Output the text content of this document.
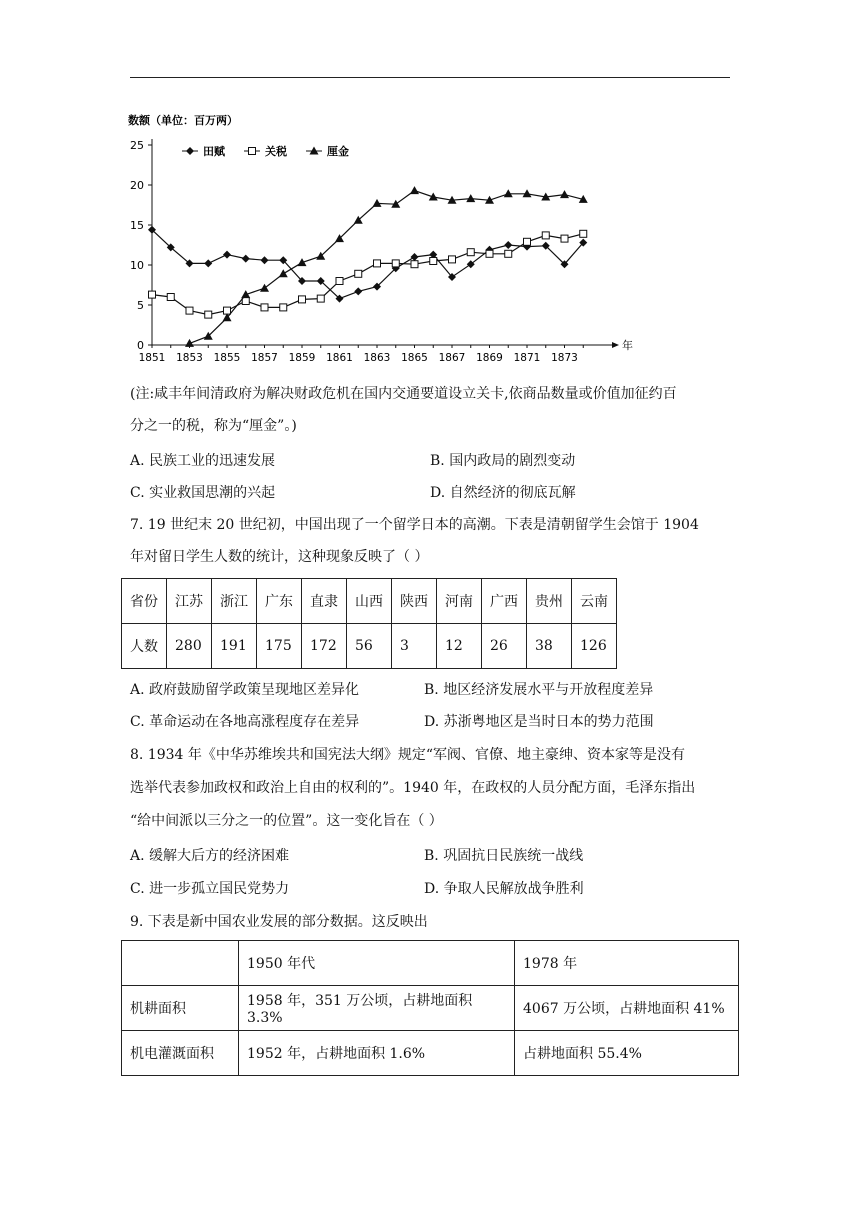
数额（单位：百万两）
年
0
5
10
15
20
25
1851 1853 1855 1857 1859 1861 1863 1865 1867 1869 1871 1873
田赋	关税	厘金
(注:咸丰年间清政府为解决财政危机在国内交通要道设立关卡,依商品数量或价值加征约百
分之一的税，称为“厘金”。)
A. 民族工业的迅速发展	B. 国内政局的剧烈变动
C. 实业救国思潮的兴起	D. 自然经济的彻底瓦解
7. 19 世纪末 20 世纪初，中国出现了一个留学日本的高潮。下表是清朝留学生会馆于 1904
年对留日学生人数的统计，这种现象反映了（ ）
省份	江苏	浙江	广东	直隶	山西	陕西	河南	广西	贵州	云南
人数	280	191	175	172	56	3	12	26	38	126
A. 政府鼓励留学政策呈现地区差异化	B. 地区经济发展水平与开放程度差异
C. 革命运动在各地高涨程度存在差异	D. 苏浙粤地区是当时日本的势力范围
8. 1934 年《中华苏维埃共和国宪法大纲》规定“军阀、官僚、地主豪绅、资本家等是没有
选举代表参加政权和政治上自由的权利的”。1940 年，在政权的人员分配方面，毛泽东指出
“给中间派以三分之一的位置”。这一变化旨在（ ）
A. 缓解大后方的经济困难	B. 巩固抗日民族统一战线
C. 进一步孤立国民党势力	D. 争取人民解放战争胜利
9. 下表是新中国农业发展的部分数据。这反映出
	1950 年代	1978 年
机耕面积	1958 年，351 万公顷，占耕地面积 3.3%	4067 万公顷，占耕地面积 41%
机电灌溉面积	1952 年，占耕地面积 1.6%	占耕地面积 55.4%
